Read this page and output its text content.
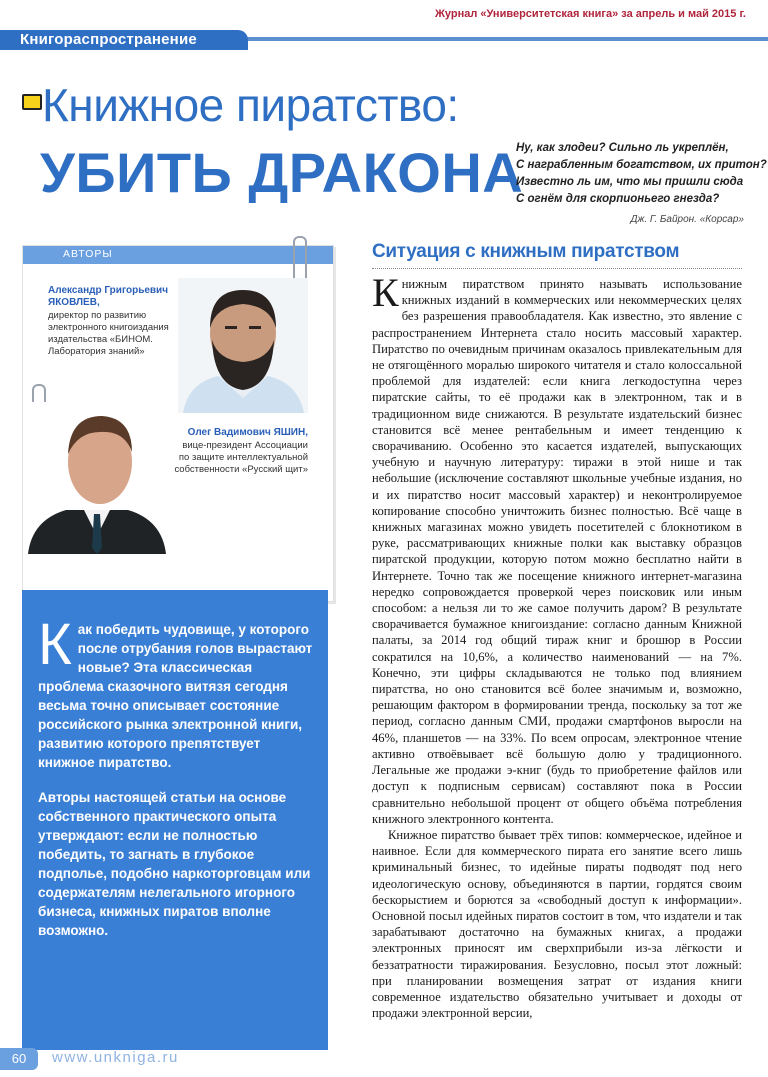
Журнал «Университетская книга» за апрель и май 2015 г.
Книгораспространение
Книжное пиратство:
УБИТЬ ДРАКОНА
Ну, как злодеи? Сильно ль укреплён,
С награбленным богатством, их притон?
Известно ль им, что мы пришли сюда
С огнём для скорпионьего гнезда?
Дж. Г. Байрон. «Корсар»
АВТОРЫ
Александр Григорьевич
ЯКОВЛЕВ,
директор по развитию
электронного книгоиздания
издательства «БИНОМ.
Лаборатория знаний»
Олег Вадимович ЯШИН,
вице-президент Ассоциации
по защите интеллектуальной
собственности «Русский щит»

Как победить чудовище, у которого после отрубания голов вырастают новые? Эта классическая проблема сказочного витязя сегодня весьма точно описывает состояние российского рынка электронной книги, развитию которого препятствует книжное пиратство.

Авторы настоящей статьи на основе собственного практического опыта утверждают: если не полностью победить, то загнать в глубокое подполье, подобно наркоторговцам или содержателям нелегального игорного бизнеса, книжных пиратов вполне возможно.

Ситуация с книжным пиратством

Книжным пиратством принято называть использование книжных изданий в коммерческих или некоммерческих целях без разрешения правообладателя. Как известно, это явление с распространением Интернета стало носить массовый характер. Пиратство по очевидным причинам оказалось привлекательным для не отягощённого моралью широкого читателя и стало колоссальной проблемой для издателей: если книга легкодоступна через пиратские сайты, то её продажи как в электронном, так и в традиционном виде снижаются. В результате издательский бизнес становится всё менее рентабельным и имеет тенденцию к сворачиванию. Особенно это касается издателей, выпускающих учебную и научную литературу: тиражи в этой нише и так небольшие (исключение составляют школьные учебные издания, но и их пиратство носит массовый характер) и неконтролируемое копирование способно уничтожить бизнес полностью. Всё чаще в книжных магазинах можно увидеть посетителей с блокнотиком в руке, рассматривающих книжные полки как выставку образцов пиратской продукции, которую потом можно бесплатно найти в Интернете. Точно так же посещение книжного интернет-магазина нередко сопровождается проверкой через поисковик или иным способом: а нельзя ли то же самое получить даром? В результате сворачивается бумажное книгоиздание: согласно данным Книжной палаты, за 2014 год общий тираж книг и брошюр в России сократился на 10,6%, а количество наименований — на 7%. Конечно, эти цифры складываются не только под влиянием пиратства, но оно становится всё более значимым и, возможно, решающим фактором в формировании тренда, поскольку за тот же период, согласно данным СМИ, продажи смартфонов выросли на 46%, планшетов — на 33%. По всем опросам, электронное чтение активно отвоёвывает всё большую долю у традиционного. Легальные же продажи э-книг (будь то приобретение файлов или доступ к подписным сервисам) составляют пока в России сравнительно небольшой процент от общего объёма потребления книжного электронного контента.

Книжное пиратство бывает трёх типов: коммерческое, идейное и наивное. Если для коммерческого пирата его занятие всего лишь криминальный бизнес, то идейные пираты подводят под него идеологическую основу, объединяются в партии, гордятся своим бескорыстием и борются за «свободный доступ к информации». Основной посыл идейных пиратов состоит в том, что издатели и так зарабатывают достаточно на бумажных книгах, а продажи электронных приносят им сверхприбыли из-за лёгкости и беззатратности тиражирования. Безусловно, посыл этот ложный: при планировании возмещения затрат от издания книги современное издательство обязательно учитывает и доходы от продажи электронной версии,

60	www.unkniga.ru
